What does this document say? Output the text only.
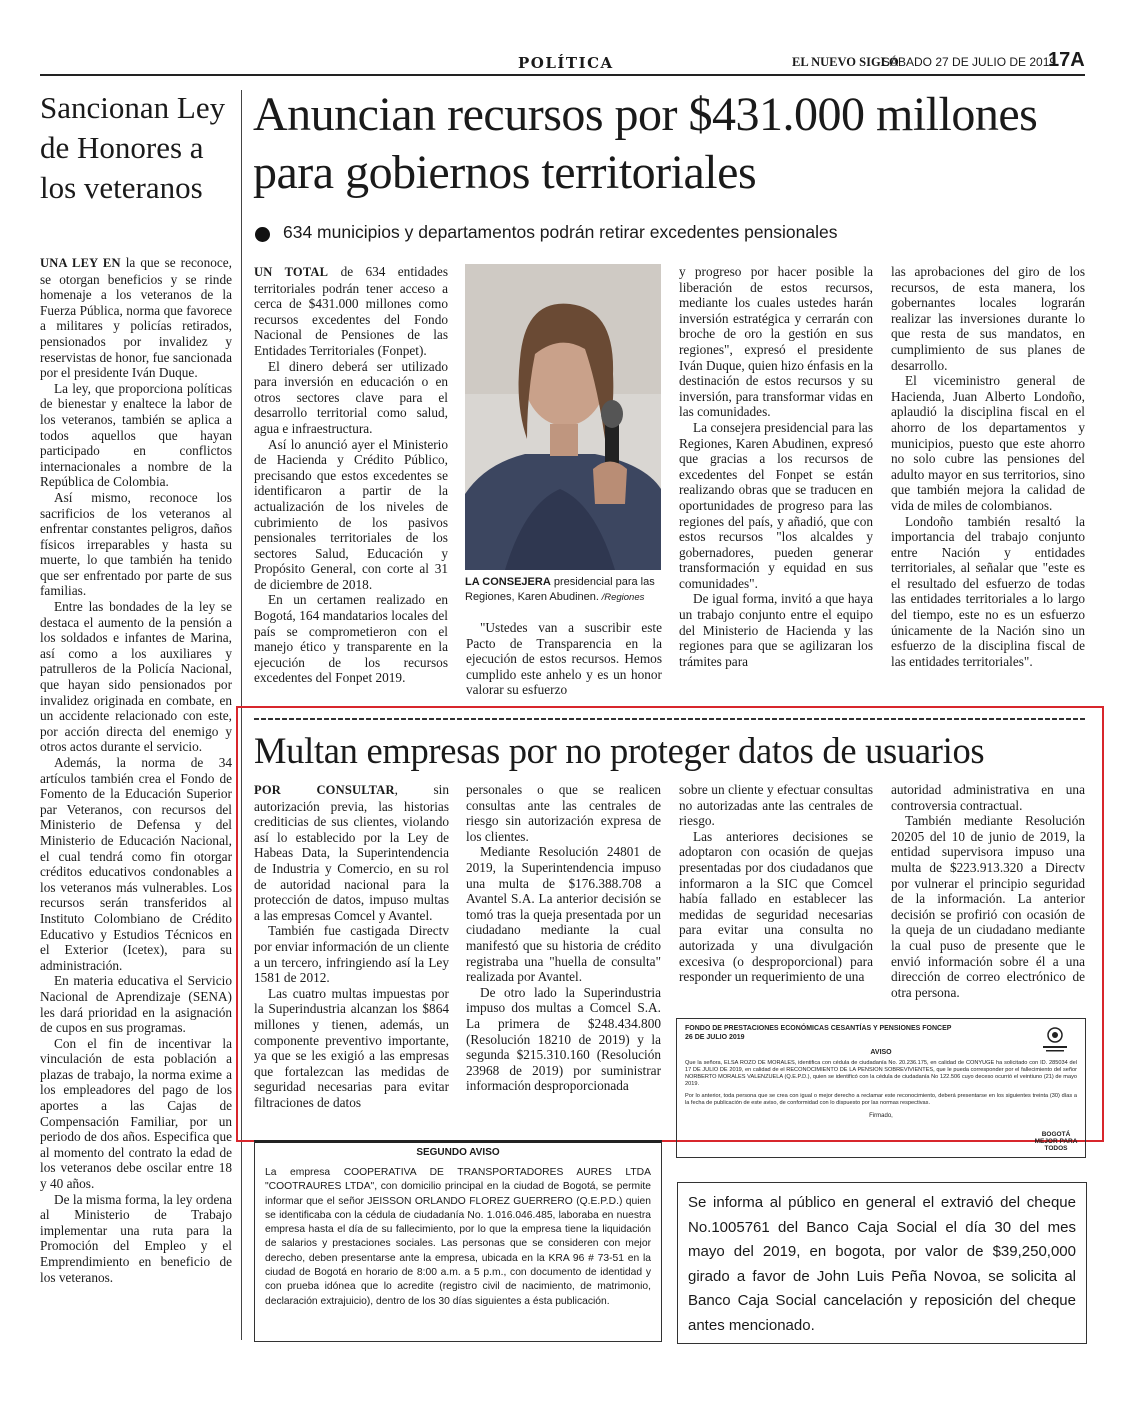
POLÍTICA	EL NUEVO SIGLO
SÁBADO 27 DE JULIO DE 2019
17A
Sancionan Ley de Honores a los veteranos

UNA LEY EN la que se reconoce, se otorgan beneficios y se rinde homenaje a los veteranos de la Fuerza Pública, norma que favorece a militares y policías retirados, pensionados por invalidez y reservistas de honor, fue sancionada por el presidente Iván Duque.

La ley, que proporciona políticas de bienestar y enaltece la labor de los veteranos, también se aplica a todos aquellos que hayan participado en conflictos internacionales a nombre de la República de Colombia.

Así mismo, reconoce los sacrificios de los veteranos al enfrentar constantes peligros, daños físicos irreparables y hasta su muerte, lo que también ha tenido que ser enfrentado por parte de sus familias.

Entre las bondades de la ley se destaca el aumento de la pensión a los soldados e infantes de Marina, así como a los auxiliares y patrulleros de la Policía Nacional, que hayan sido pensionados por invalidez originada en combate, en un accidente relacionado con este, por acción directa del enemigo y otros actos durante el servicio.

Además, la norma de 34 artículos también crea el Fondo de Fomento de la Educación Superior par Veteranos, con recursos del Ministerio de Defensa y del Ministerio de Educación Nacional, el cual tendrá como fin otorgar créditos educativos condonables a los veteranos más vulnerables. Los recursos serán transferidos al Instituto Colombiano de Crédito Educativo y Estudios Técnicos en el Exterior (Icetex), para su administración.

En materia educativa el Servicio Nacional de Aprendizaje (SENA) les dará prioridad en la asignación de cupos en sus programas.

Con el fin de incentivar la vinculación de esta población a plazas de trabajo, la norma exime a los empleadores del pago de los aportes a las Cajas de Compensación Familiar, por un periodo de dos años. Especifica que al momento del contrato la edad de los veteranos debe oscilar entre 18 y 40 años.

De la misma forma, la ley ordena al Ministerio de Trabajo implementar una ruta para la Promoción del Empleo y el Emprendimiento en beneficio de los veteranos.

Anuncian recursos por $431.000 millones para gobiernos territoriales
634 municipios y departamentos podrán retirar excedentes pensionales

UN TOTAL de 634 entidades territoriales podrán tener acceso a cerca de $431.000 millones como recursos excedentes del Fondo Nacional de Pensiones de las Entidades Territoriales (Fonpet).

El dinero deberá ser utilizado para inversión en educación o en otros sectores clave para el desarrollo territorial como salud, agua e infraestructura.

Así lo anunció ayer el Ministerio de Hacienda y Crédito Público, precisando que estos excedentes se identificaron a partir de la actualización de los niveles de cubrimiento de los pasivos pensionales territoriales de los sectores Salud, Educación y Propósito General, con corte al 31 de diciembre de 2018.

En un certamen realizado en Bogotá, 164 mandatarios locales del país se comprometieron con el manejo ético y transparente en la ejecución de los recursos excedentes del Fonpet 2019.

LA CONSEJERA presidencial para las Regiones, Karen Abudinen. /Regiones

"Ustedes van a suscribir este Pacto de Transparencia en la ejecución de estos recursos. Hemos cumplido este anhelo y es un honor valorar su esfuerzo

y progreso por hacer posible la liberación de estos recursos, mediante los cuales ustedes harán inversión estratégica y cerrarán con broche de oro la gestión en sus regiones", expresó el presidente Iván Duque, quien hizo énfasis en la destinación de estos recursos y su inversión, para transformar vidas en las comunidades.

La consejera presidencial para las Regiones, Karen Abudinen, expresó que gracias a los recursos de excedentes del Fonpet se están realizando obras que se traducen en oportunidades de progreso para las regiones del país, y añadió, que con estos recursos "los alcaldes y gobernadores, pueden generar transformación y equidad en sus comunidades".

De igual forma, invitó a que haya un trabajo conjunto entre el equipo del Ministerio de Hacienda y las regiones para que se agilizaran los trámites para

las aprobaciones del giro de los recursos, de esta manera, los gobernantes locales lograrán realizar las inversiones durante lo que resta de sus mandatos, en cumplimiento de sus planes de desarrollo.

El viceministro general de Hacienda, Juan Alberto Londoño, aplaudió la disciplina fiscal en el ahorro de los departamentos y municipios, puesto que este ahorro no solo cubre las pensiones del adulto mayor en sus territorios, sino que también mejora la calidad de vida de miles de colombianos.

Londoño también resaltó la importancia del trabajo conjunto entre Nación y entidades territoriales, al señalar que "este es el resultado del esfuerzo de todas las entidades territoriales a lo largo del tiempo, este no es un esfuerzo únicamente de la Nación sino un esfuerzo de la disciplina fiscal de las entidades territoriales".

Multan empresas por no proteger datos de usuarios

POR CONSULTAR, sin autorización previa, las historias crediticias de sus clientes, violando así lo establecido por la Ley de Habeas Data, la Superintendencia de Industria y Comercio, en su rol de autoridad nacional para la protección de datos, impuso multas a las empresas Comcel y Avantel.

También fue castigada Directv por enviar información de un cliente a un tercero, infringiendo así la Ley 1581 de 2012.

Las cuatro multas impuestas por la Superindustria alcanzan los $864 millones y tienen, además, un componente preventivo importante, ya que se les exigió a las empresas que fortalezcan las medidas de seguridad necesarias para evitar filtraciones de datos

personales o que se realicen consultas ante las centrales de riesgo sin autorización expresa de los clientes.

Mediante Resolución 24801 de 2019, la Superintendencia impuso una multa de $176.388.708 a Avantel S.A. La anterior decisión se tomó tras la queja presentada por un ciudadano mediante la cual manifestó que su historia de crédito registraba una "huella de consulta" realizada por Avantel.

De otro lado la Superindustria impuso dos multas a Comcel S.A. La primera de $248.434.800 (Resolución 18210 de 2019) y la segunda $215.310.160 (Resolución 23968 de 2019) por suministrar información desproporcionada

sobre un cliente y efectuar consultas no autorizadas ante las centrales de riesgo.

Las anteriores decisiones se adoptaron con ocasión de quejas presentadas por dos ciudadanos que informaron a la SIC que Comcel había fallado en establecer las medidas de seguridad necesarias para evitar una consulta no autorizada y una divulgación excesiva (o desproporcional) para responder un requerimiento de una

autoridad administrativa en una controversia contractual.

También mediante Resolución 20205 del 10 de junio de 2019, la entidad supervisora impuso una multa de $223.913.320 a Directv por vulnerar el principio seguridad de la información. La anterior decisión se profirió con ocasión de la queja de un ciudadano mediante la cual puso de presente que le envió información sobre él a una dirección de correo electrónico de otra persona.

FONDO DE PRESTACIONES ECONÓMICAS CESANTÍAS Y PENSIONES FONCEP
26 DE JULIO 2019
AVISO
Que la señora, ELSA ROZO DE MORALES, identifica con cédula de ciudadanía No. 20.236.175, en calidad de CONYUGE ha solicitado con ID. 285034 del 17 DE JULIO DE 2019, en calidad de el RECONOCIMIENTO DE LA PENSION SOBREVIVIENTES, que le pueda corresponder por el fallecimiento del señor NORBERTO MORALES VALENZUELA (Q.E.P.D.), quien se identificó con la cédula de ciudadanía No 122.506 cuyo deceso ocurrió el veintiuno (21) de mayo 2019.
Por lo anterior, toda persona que se crea con igual o mejor derecho a reclamar este reconocimiento, deberá presentarse en los siguientes treinta (30) días a la fecha de publicación de este aviso, de conformidad con lo dispuesto por las normas respectivas.
Firmado,
BOGOTÁ MEJOR PARA TODOS
SEGUNDO AVISO
La empresa COOPERATIVA DE TRANSPORTADORES AURES LTDA "COOTRAURES LTDA", con domicilio principal en la ciudad de Bogotá, se permite informar que el señor JEISSON ORLANDO FLOREZ GUERRERO (Q.E.P.D.) quien se identificaba con la cédula de ciudadanía No. 1.016.046.485, laboraba en nuestra empresa hasta el día de su fallecimiento, por lo que la empresa tiene la liquidación de salarios y prestaciones sociales. Las personas que se consideren con mejor derecho, deben presentarse ante la empresa, ubicada en la KRA 96 # 73-51 en la ciudad de Bogotá en horario de 8:00 a.m. a 5 p.m., con documento de identidad y con prueba idónea que lo acredite (registro civil de nacimiento, de matrimonio, declaración extrajuicio), dentro de los 30 días siguientes a ésta publicación.
Se informa al público en general el extravió del cheque No.1005761 del Banco Caja Social el día 30 del mes mayo del 2019, en bogota, por valor de $39,250,000 girado a favor de John Luis Peña Novoa, se solicita al Banco Caja Social cancelación y reposición del cheque antes mencionado.
